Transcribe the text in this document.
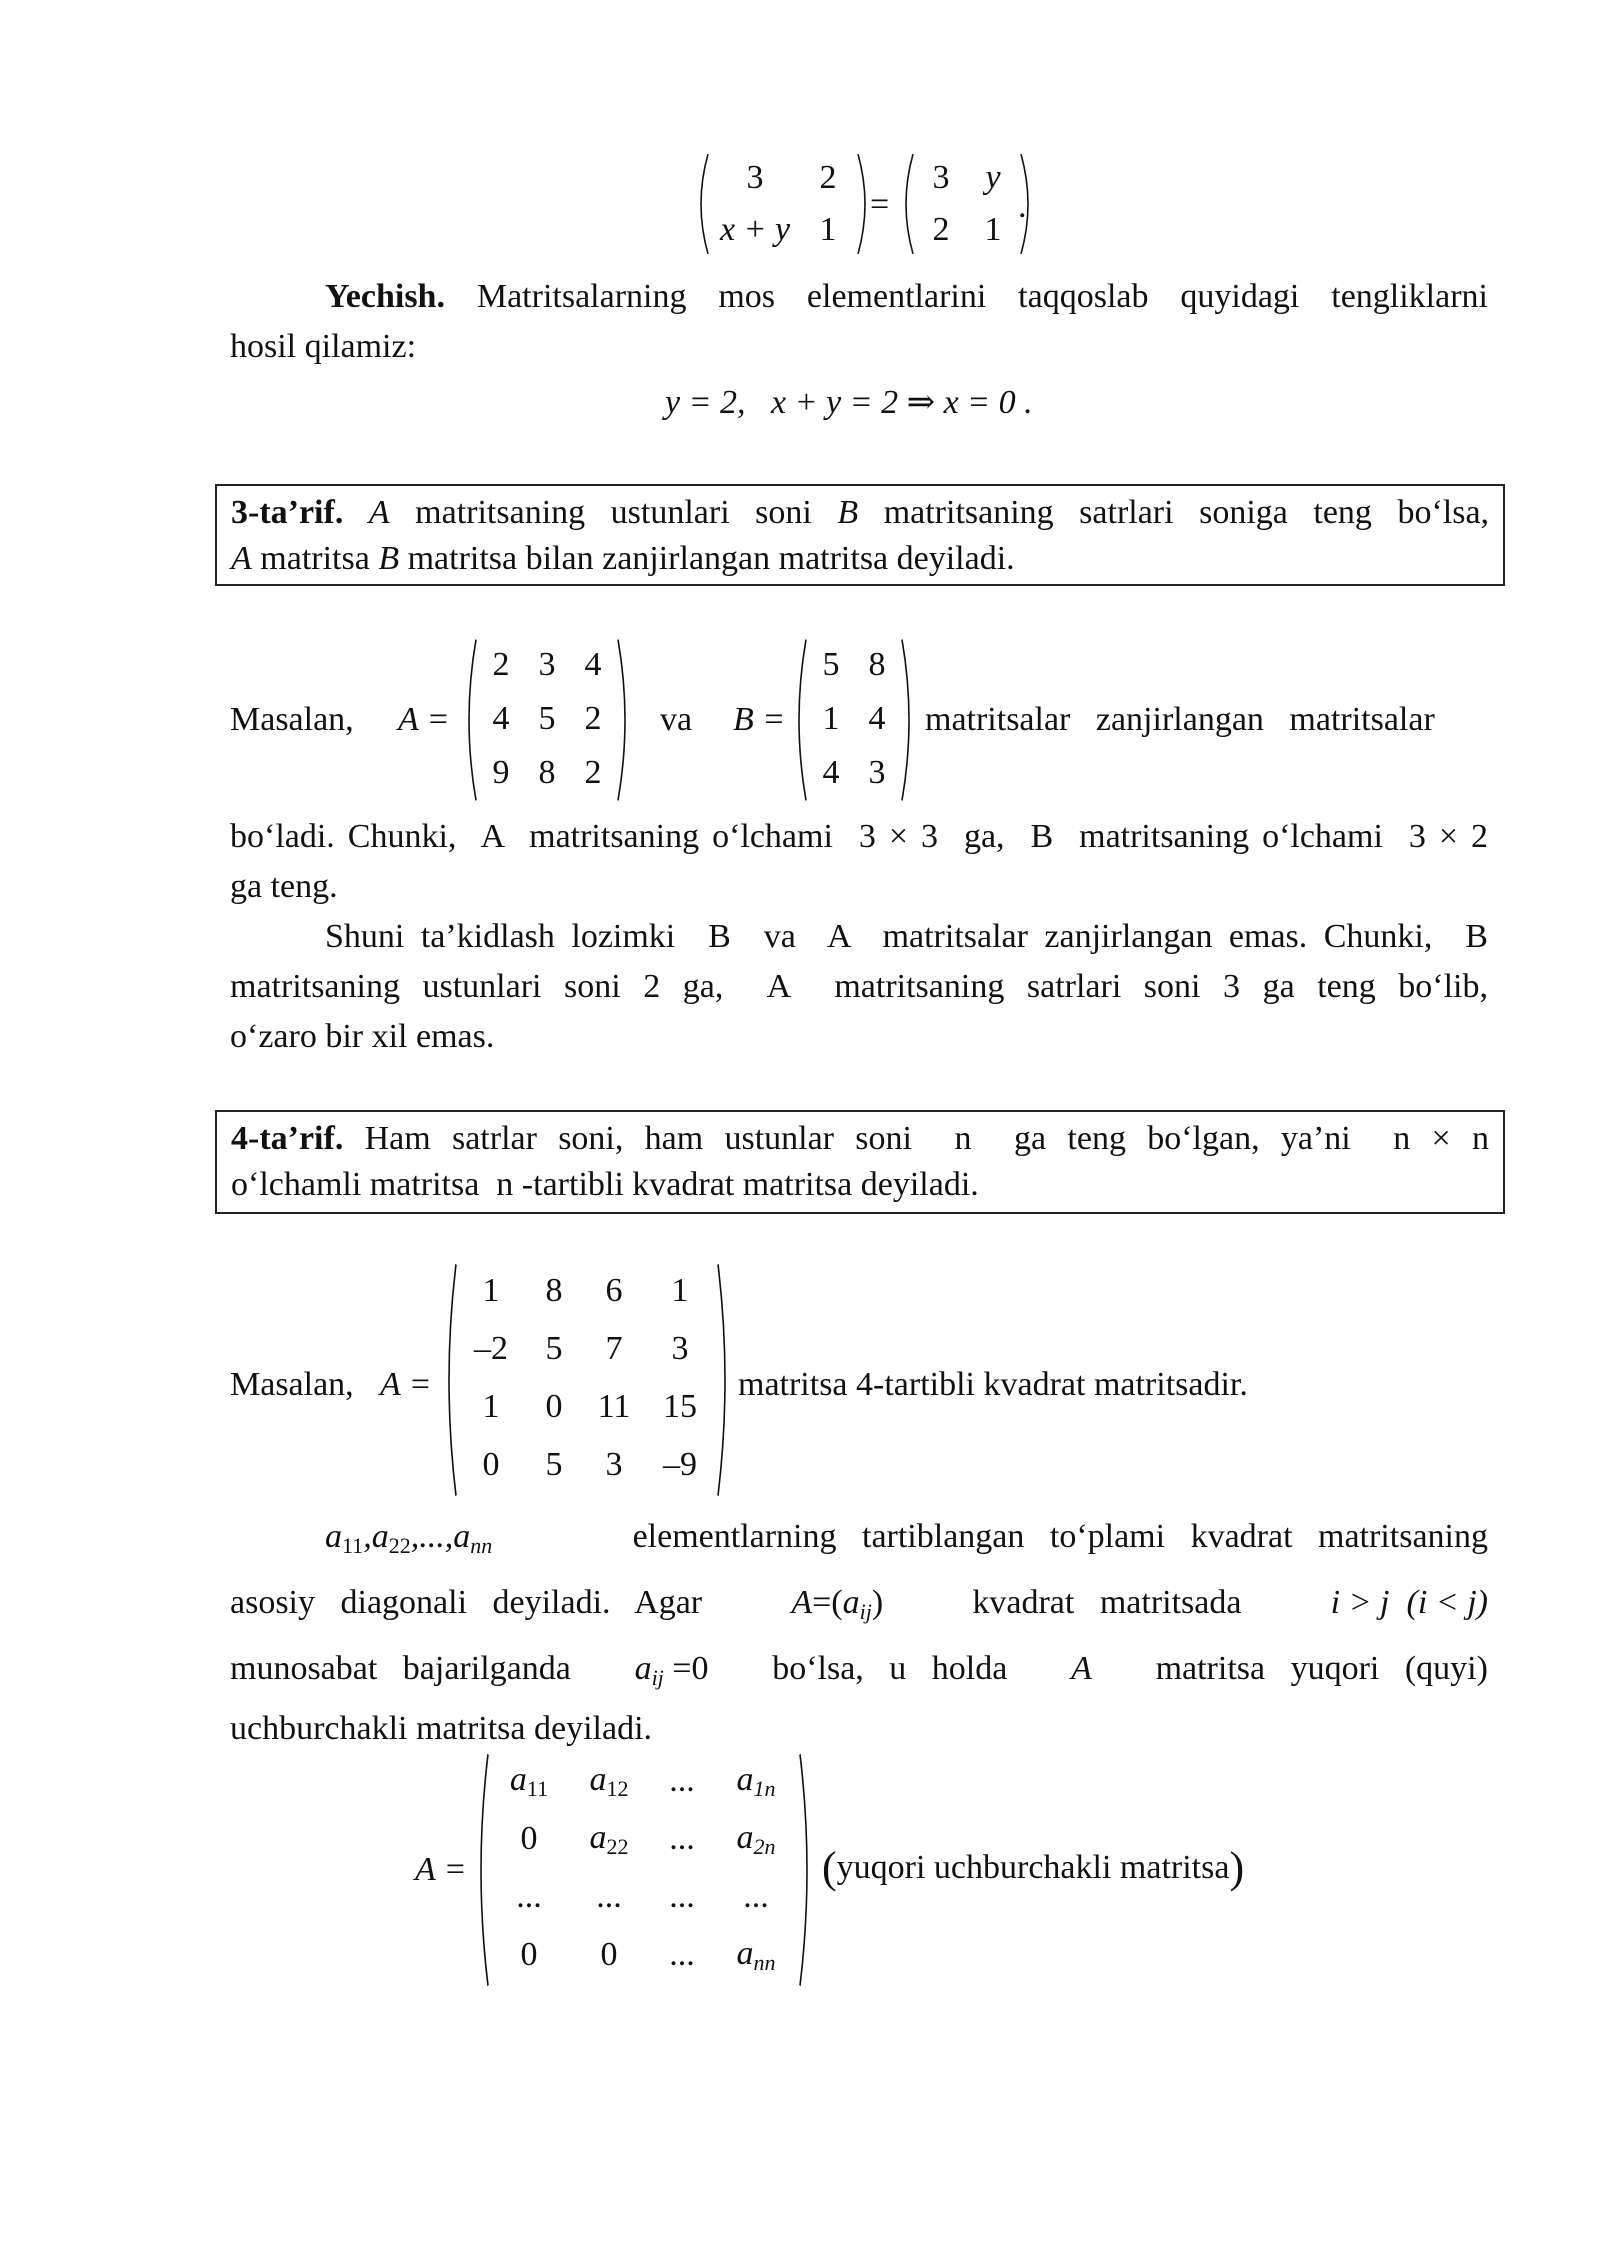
3 2
x + y 1
=
3 y
2 1
.
Yechish. Matritsalarning mos elementlarini taqqoslab quyidagi tengliklarni
hosil qilamiz:
y = 2,   x + y = 2 ⇒ x = 0 .
3-ta’rif. A matritsaning ustunlari soni B matritsaning satrlari soniga teng bo‘lsa,
A matritsa B matritsa bilan zanjirlangan matritsa deyiladi.
Masalan, A =
2 3 4
4 5 2
9 8 2
va B =
5 8
1 4
4 3
matritsalar   zanjirlangan   matritsalar
bo‘ladi. Chunki,  A  matritsaning o‘lchami  3 × 3  ga,  B  matritsaning o‘lchami  3 × 2
ga teng.
Shuni ta’kidlash lozimki  B  va  A  matritsalar zanjirlangan emas. Chunki,  B
matritsaning ustunlari soni 2 ga,  A  matritsaning satrlari soni 3 ga teng bo‘lib,
o‘zaro bir xil emas.
4-ta’rif. Ham satrlar soni, ham ustunlar soni  n  ga teng bo‘lgan, ya’ni  n × n
o‘lchamli matritsa  n -tartibli kvadrat matritsa deyiladi.
Masalan, A =
1 8 6 1
–2 5 7 3
1 0 11 15
0 5 3 –9
matritsa 4-tartibli kvadrat matritsadir.
$a11,a22,...,a_{nn}$	elementlarning   tartiblangan   to‘plami   kvadrat   matritsaning
asosiy   diagonali   deyiladi.   Agar	$A=(a_{ij})$	kvadrat   matritsada	i > j  (i < j)
munosabat   bajarilganda $a_{ij} =0$ bo‘lsa,   u   holda A matritsa   yuqori   (quyi)
uchburchakli matritsa deyiladi.
A =
a11 a12 ... $a_{1n}$
0 a22 ... $a_{2n}$
... ... ... ...
0 0 ... $a_{nn}$
(yuqori uchburchakli matritsa)
